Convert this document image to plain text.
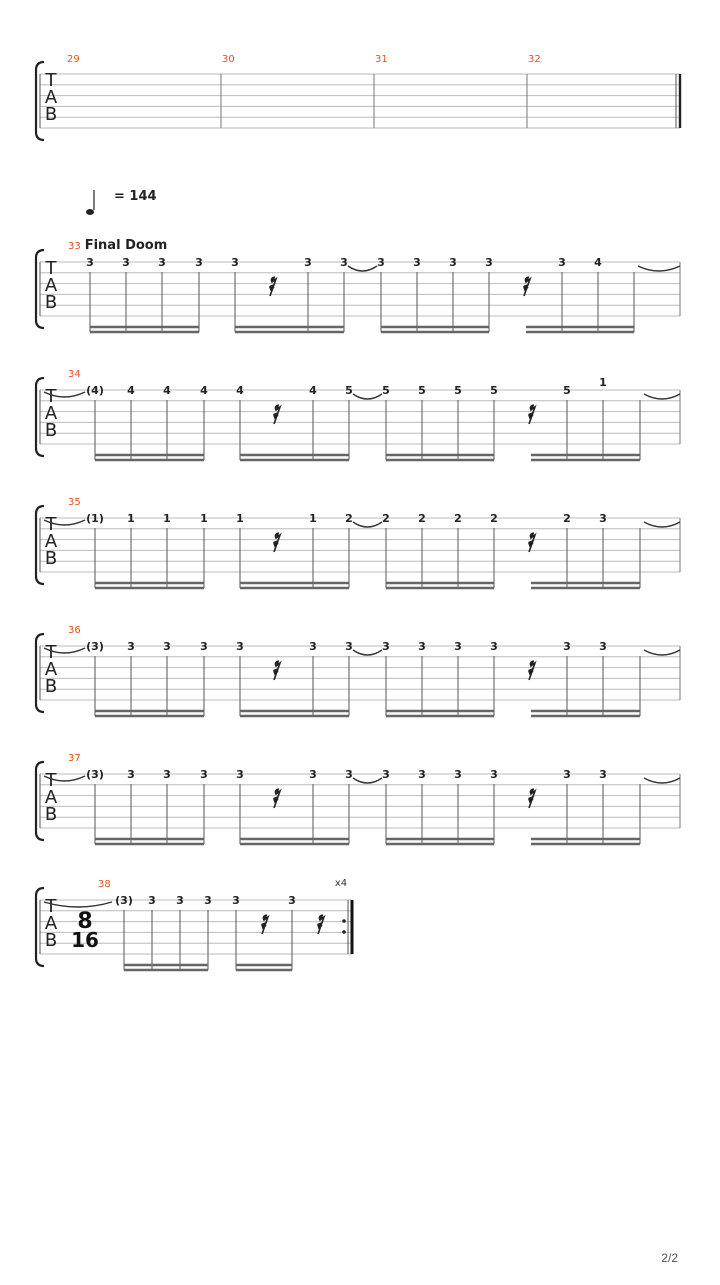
T
A
B
29	30	31	32
T
A
B
33
3	3	3	3	3	3	3	3	3	3	3	3	4
Final Doom
= 144
T
A
B
34
(4) 4	4	4	4	4	5	5	5	5	5	5
1
T
A
B
35
(1) 1	1	1	1	1	2	2	2	2	2	2	3
T
A
B
36
(3) 3	3	3	3	3	3	3	3	3	3	3	3
T
A
B
37
(3) 3	3	3	3	3	3	3	3	3	3	3	3
T
A
B
38
8
16
x4
(3) 3 3 3 3	3
2/2
